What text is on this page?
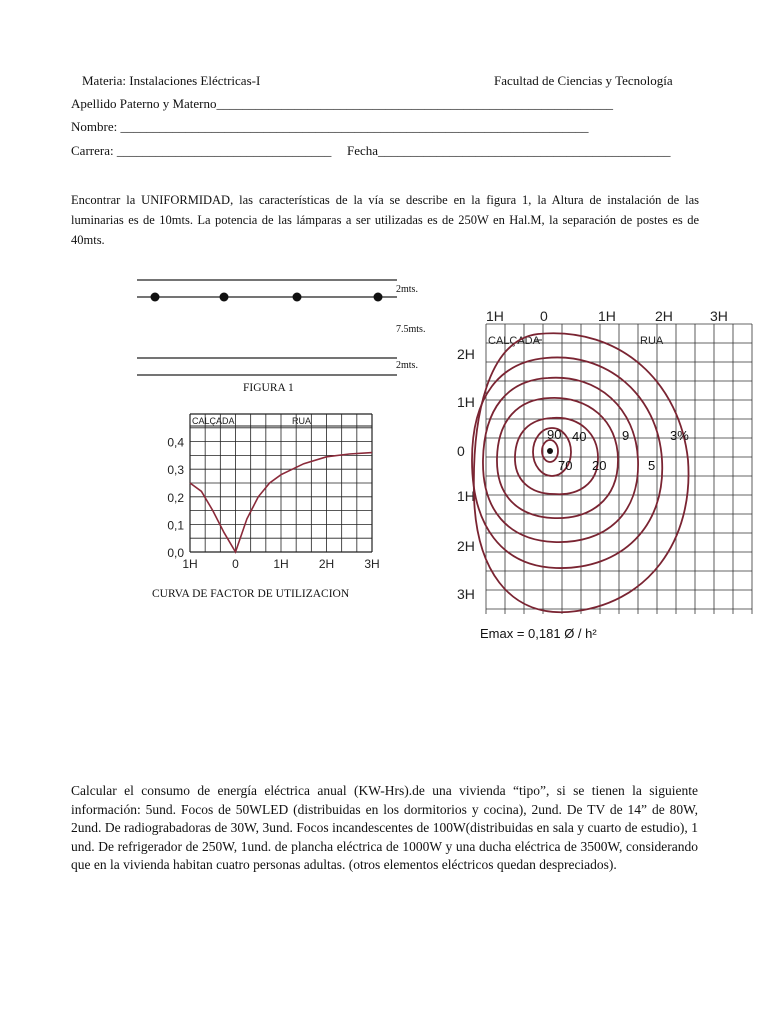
Materia: Instalaciones Eléctricas-I	Facultad de Ciencias y Tecnología
Apellido Paterno y Materno_____________________________________________________________
Nombre: ________________________________________________________________________
Carrera: _________________________________ Fecha_____________________________________________
Encontrar la UNIFORMIDAD, las características de la vía se describe en la figura 1, la Altura de instalación de las luminarias es de 10mts. La potencia de las lámparas a ser utilizadas es de 250W en Hal.M, la separación de postes es de 40mts.
2mts.
7.5mts.
2mts.
FIGURA 1
CALÇADA	RUA
0,4
0,3
0,2
0,1
0,0
1H	0	1H	2H	3H
CURVA DE FACTOR DE UTILIZACION
1H	0	1H	2H	3H
2H
1H
0
1H
2H
3H
CALÇADA	RUA
90 40	9	3%
70 20	5
Emax = 0,181 Ø / h²
Calcular el consumo de energía eléctrica anual (KW-Hrs).de una vivienda “tipo”, si se tienen la siguiente información: 5und. Focos de 50WLED (distribuidas en los dormitorios y cocina), 2und. De TV de 14” de 80W, 2und. De radiograbadoras de 30W, 3und. Focos incandescentes de 100W(distribuidas en sala y cuarto de estudio), 1 und. De refrigerador de 250W, 1und. de plancha eléctrica de 1000W y una ducha eléctrica de 3500W, considerando que en la vivienda habitan cuatro personas adultas. (otros elementos eléctricos quedan despreciados).
